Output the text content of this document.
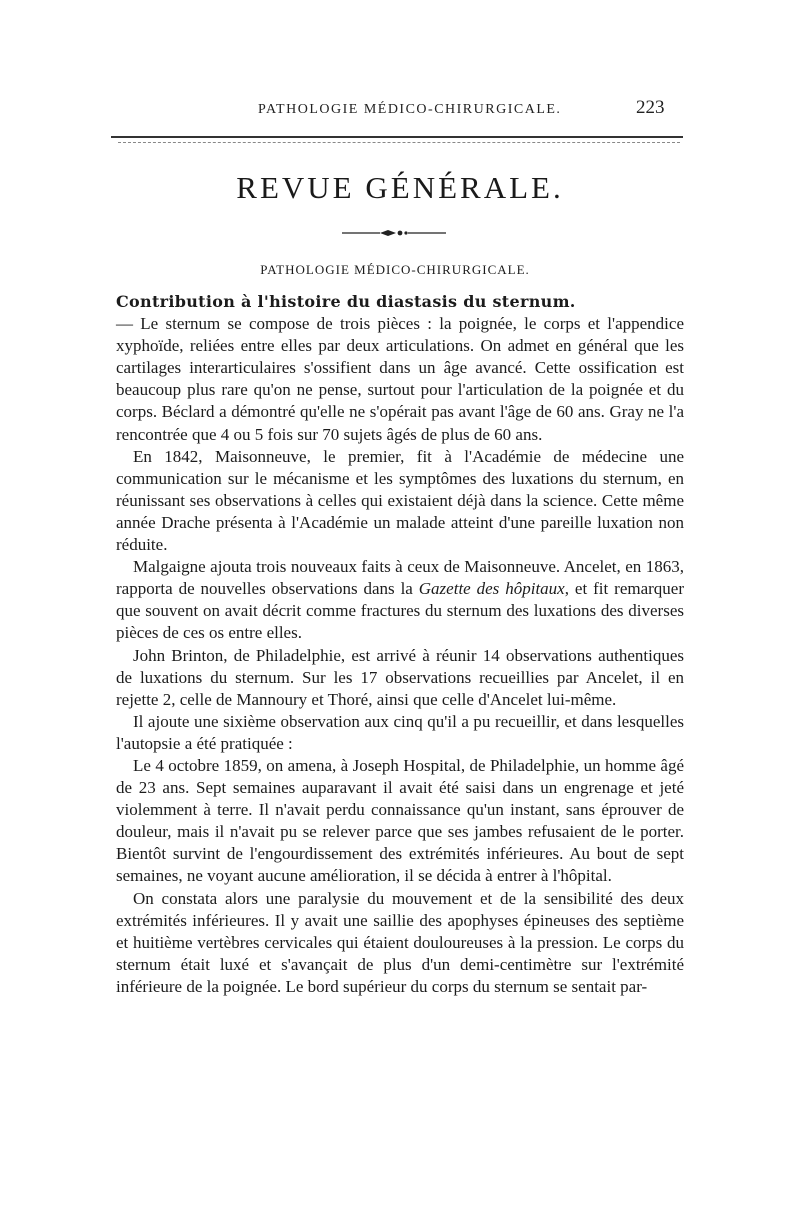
PATHOLOGIE MÉDICO-CHIRURGICALE.	223
REVUE GÉNÉRALE.
PATHOLOGIE MÉDICO-CHIRURGICALE.

Contribution à l'histoire du diastasis du sternum.
— Le sternum se compose de trois pièces : la poignée, le corps et l'appendice xyphoïde, reliées entre elles par deux articulations. On admet en général que les cartilages interarticulaires s'ossifient dans un âge avancé. Cette ossification est beaucoup plus rare qu'on ne pense, surtout pour l'articulation de la poignée et du corps. Béclard a démontré qu'elle ne s'opérait pas avant l'âge de 60 ans. Gray ne l'a rencontrée que 4 ou 5 fois sur 70 sujets âgés de plus de 60 ans.

En 1842, Maisonneuve, le premier, fit à l'Académie de médecine une communication sur le mécanisme et les symptômes des luxations du sternum, en réunissant ses observations à celles qui existaient déjà dans la science. Cette même année Drache présenta à l'Académie un malade atteint d'une pareille luxation non réduite.

Malgaigne ajouta trois nouveaux faits à ceux de Maisonneuve. Ancelet, en 1863, rapporta de nouvelles observations dans la Gazette des hôpitaux, et fit remarquer que souvent on avait décrit comme fractures du sternum des luxations des diverses pièces de ces os entre elles.

John Brinton, de Philadelphie, est arrivé à réunir 14 observations authentiques de luxations du sternum. Sur les 17 observations recueillies par Ancelet, il en rejette 2, celle de Mannoury et Thoré, ainsi que celle d'Ancelet lui-même.

Il ajoute une sixième observation aux cinq qu'il a pu recueillir, et dans lesquelles l'autopsie a été pratiquée :

Le 4 octobre 1859, on amena, à Joseph Hospital, de Philadelphie, un homme âgé de 23 ans. Sept semaines auparavant il avait été saisi dans un engrenage et jeté violemment à terre. Il n'avait perdu connaissance qu'un instant, sans éprouver de douleur, mais il n'avait pu se relever parce que ses jambes refusaient de le porter. Bientôt survint de l'engourdissement des extrémités inférieures. Au bout de sept semaines, ne voyant aucune amélioration, il se décida à entrer à l'hôpital.

On constata alors une paralysie du mouvement et de la sensibilité des deux extrémités inférieures. Il y avait une saillie des apophyses épineuses des septième et huitième vertèbres cervicales qui étaient douloureuses à la pression. Le corps du sternum était luxé et s'avançait de plus d'un demi-centimètre sur l'extrémité inférieure de la poignée. Le bord supérieur du corps du sternum se sentait par-
